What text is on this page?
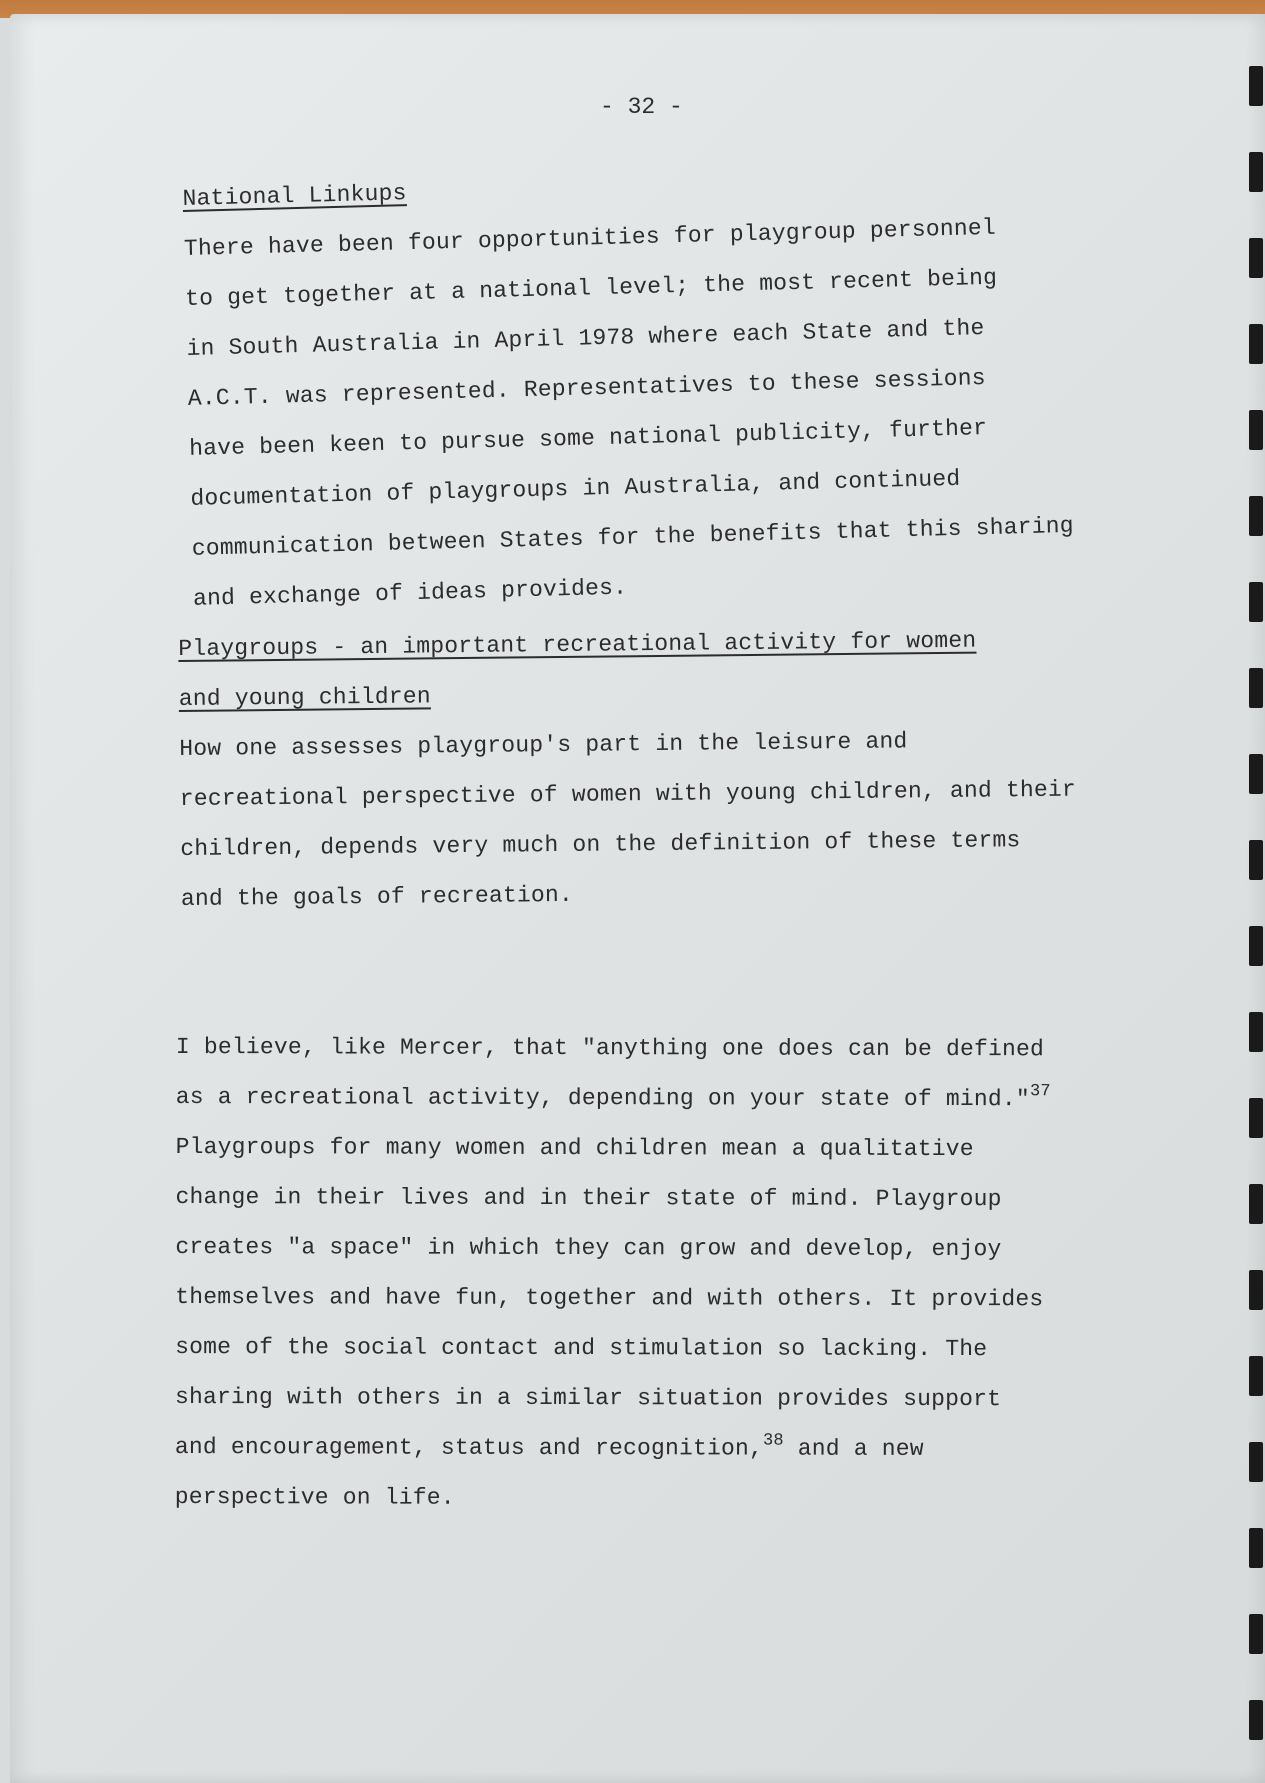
- 32 -
National Linkups
There have been four opportunities for playgroup personnel
to get together at a national level; the most recent being
in South Australia in April 1978 where each State and the
A.C.T. was represented. Representatives to these sessions
have been keen to pursue some national publicity, further
documentation of playgroups in Australia, and continued
communication between States for the benefits that this sharing
and exchange of ideas provides.
Playgroups - an important recreational activity for women
and young children
How one assesses playgroup's part in the leisure and
recreational perspective of women with young children, and their
children, depends very much on the definition of these terms
and the goals of recreation.
I believe, like Mercer, that "anything one does can be defined
as a recreational activity, depending on your state of mind."$^{37}$
Playgroups for many women and children mean a qualitative
change in their lives and in their state of mind. Playgroup
creates "a space" in which they can grow and develop, enjoy
themselves and have fun, together and with others. It provides
some of the social contact and stimulation so lacking. The
sharing with others in a similar situation provides support
and encouragement, status and recognition,$^{38}$ and a new
perspective on life.
